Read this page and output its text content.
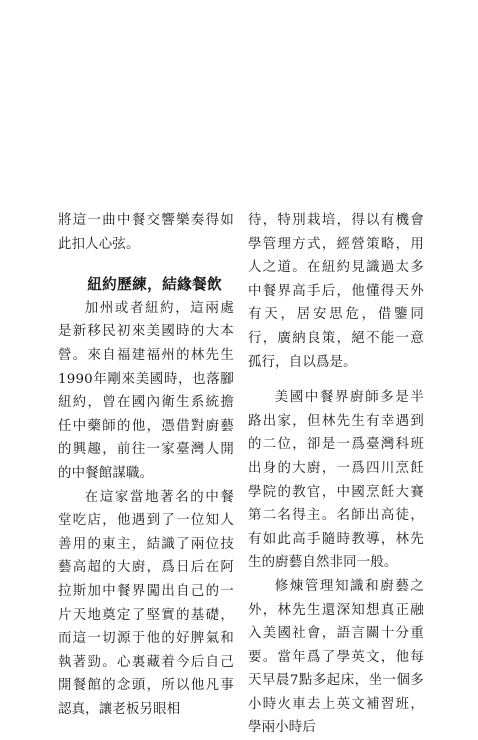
將這一曲中餐交響樂奏得如此扣人心弦。

紐約歷練，結緣餐飲

加州或者紐約，這兩處是新移民初來美國時的大本營。來自福建福州的林先生1990年剛來美國時，也落腳紐約，曾在國內衛生系統擔任中藥師的他，憑借對廚藝的興趣，前往一家臺灣人開的中餐館謀職。

在這家當地著名的中餐堂吃店，他遇到了一位知人善用的東主，結識了兩位技藝高超的大廚，爲日后在阿拉斯加中餐界闖出自己的一片天地奠定了堅實的基礎，而這一切源于他的好脾氣和執著勁。心裏藏着今后自己開餐館的念頭，所以他凡事認真，讓老板另眼相

待，特別栽培，得以有機會學管理方式，經營策略，用人之道。在紐約見識過太多中餐界高手后，他懂得天外有天，居安思危，借鑒同行，廣納良策，絕不能一意孤行，自以爲是。

美國中餐界廚師多是半路出家，但林先生有幸遇到的二位，卻是一爲臺灣科班出身的大廚，一爲四川烹飪學院的教官，中國烹飪大賽第二名得主。名師出高徒，有如此高手隨時教導，林先生的廚藝自然非同一般。

修煉管理知識和廚藝之外，林先生還深知想真正融入美國社會，語言關十分重要。當年爲了學英文，他每天早晨7點多起床，坐一個多小時火車去上英文補習班，學兩小時后
